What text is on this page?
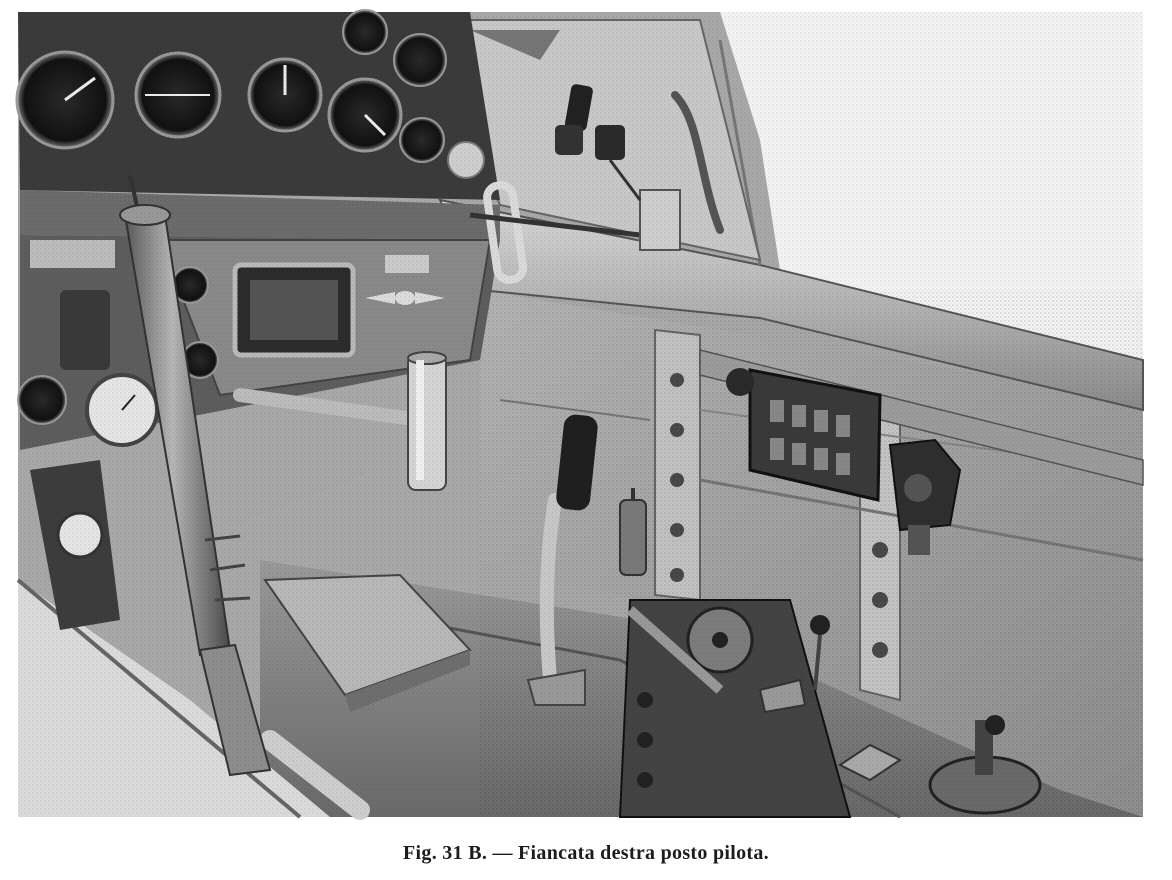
Fig. 31 B. — Fiancata destra posto pilota.
